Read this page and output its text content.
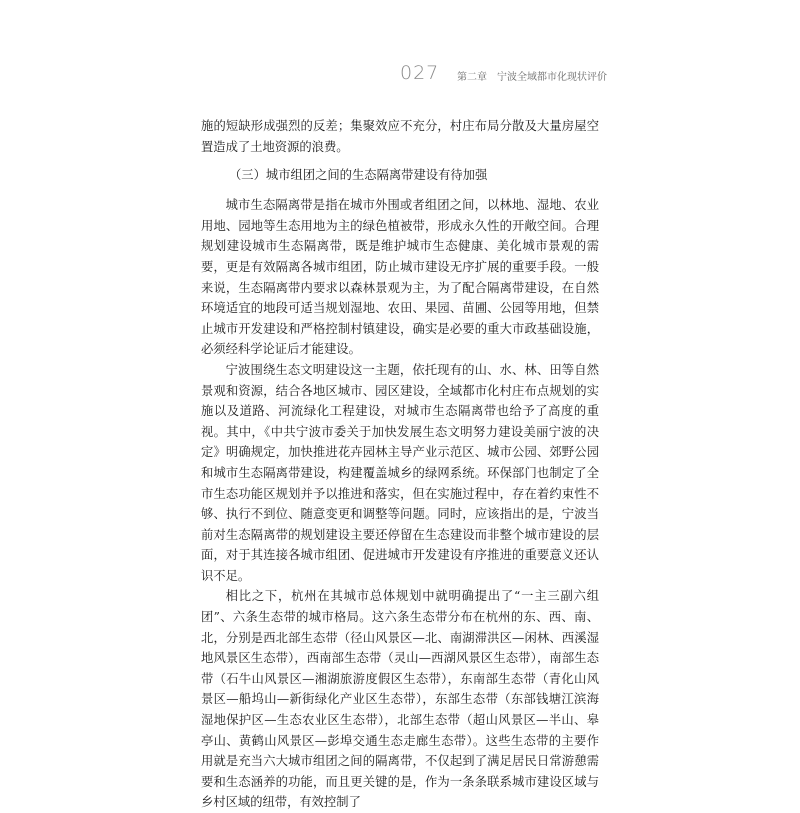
027 第二章　宁波全域都市化现状评价

施的短缺形成强烈的反差；集聚效应不充分，村庄布局分散及大量房屋空置造成了土地资源的浪费。

（三）城市组团之间的生态隔离带建设有待加强

城市生态隔离带是指在城市外围或者组团之间，以林地、湿地、农业用地、园地等生态用地为主的绿色植被带，形成永久性的开敞空间。合理规划建设城市生态隔离带，既是维护城市生态健康、美化城市景观的需要，更是有效隔离各城市组团，防止城市建设无序扩展的重要手段。一般来说，生态隔离带内要求以森林景观为主，为了配合隔离带建设，在自然环境适宜的地段可适当规划湿地、农田、果园、苗圃、公园等用地，但禁止城市开发建设和严格控制村镇建设，确实是必要的重大市政基础设施，必须经科学论证后才能建设。

宁波围绕生态文明建设这一主题，依托现有的山、水、林、田等自然景观和资源，结合各地区城市、园区建设，全域都市化村庄布点规划的实施以及道路、河流绿化工程建设，对城市生态隔离带也给予了高度的重视。其中，《中共宁波市委关于加快发展生态文明努力建设美丽宁波的决定》明确规定，加快推进花卉园林主导产业示范区、城市公园、郊野公园和城市生态隔离带建设，构建覆盖城乡的绿网系统。环保部门也制定了全市生态功能区规划并予以推进和落实，但在实施过程中，存在着约束性不够、执行不到位、随意变更和调整等问题。同时，应该指出的是，宁波当前对生态隔离带的规划建设主要还停留在生态建设而非整个城市建设的层面，对于其连接各城市组团、促进城市开发建设有序推进的重要意义还认识不足。

相比之下，杭州在其城市总体规划中就明确提出了“一主三副六组团”、六条生态带的城市格局。这六条生态带分布在杭州的东、西、南、北，分别是西北部生态带（径山风景区—北、南湖滞洪区—闲林、西溪湿地风景区生态带），西南部生态带（灵山—西湖风景区生态带），南部生态带（石牛山风景区—湘湖旅游度假区生态带），东南部生态带（青化山风景区—船坞山—新街绿化产业区生态带），东部生态带（东部钱塘江滨海湿地保护区—生态农业区生态带），北部生态带（超山风景区—半山、皋亭山、黄鹤山风景区—彭埠交通生态走廊生态带）。这些生态带的主要作用就是充当六大城市组团之间的隔离带，不仅起到了满足居民日常游憩需要和生态涵养的功能，而且更关键的是，作为一条条联系城市建设区域与乡村区域的纽带，有效控制了
